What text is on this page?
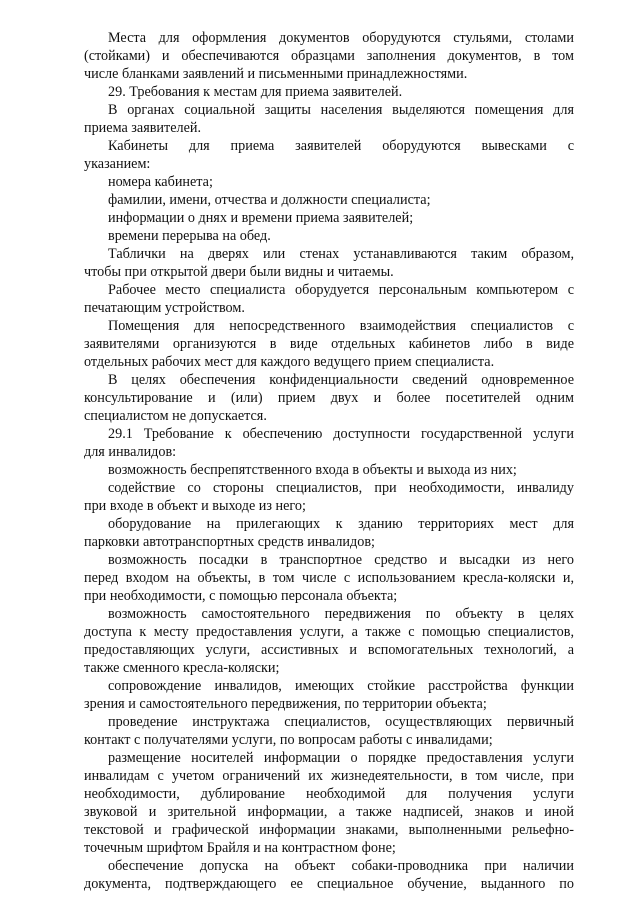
Места для оформления документов оборудуются стульями, столами

(стойками) и обеспечиваются образцами заполнения документов, в том

числе бланками заявлений и письменными принадлежностями.

29. Требования к местам для приема заявителей.

В органах социальной защиты населения выделяются помещения для

приема заявителей.

Кабинеты для приема заявителей оборудуются вывесками с

указанием:

номера кабинета;

фамилии, имени, отчества и должности специалиста;

информации о днях и времени приема заявителей;

времени перерыва на обед.

Таблички на дверях или стенах устанавливаются таким образом,

чтобы при открытой двери были видны и читаемы.

Рабочее место специалиста оборудуется персональным компьютером с

печатающим устройством.

Помещения для непосредственного взаимодействия специалистов с

заявителями организуются в виде отдельных кабинетов либо в виде

отдельных рабочих мест для каждого ведущего прием специалиста.

В целях обеспечения конфиденциальности сведений одновременное

консультирование и (или) прием двух и более посетителей одним

специалистом не допускается.

29.1 Требование к обеспечению доступности государственной услуги

для инвалидов:

возможность беспрепятственного входа в объекты и выхода из них;

содействие со стороны специалистов, при необходимости, инвалиду

при входе в объект и выходе из него;

оборудование на прилегающих к зданию территориях мест для

парковки автотранспортных средств инвалидов;

возможность посадки в транспортное средство и высадки из него

перед входом на объекты, в том числе с использованием кресла-коляски и,

при необходимости, с помощью персонала объекта;

возможность самостоятельного передвижения по объекту в целях

доступа к месту предоставления услуги, а также с помощью специалистов,

предоставляющих услуги, ассистивных и вспомогательных технологий, а

также сменного кресла-коляски;

сопровождение инвалидов, имеющих стойкие расстройства функции

зрения и самостоятельного передвижения, по территории объекта;

проведение инструктажа специалистов, осуществляющих первичный

контакт с получателями услуги, по вопросам работы с инвалидами;

размещение носителей информации о порядке предоставления услуги

инвалидам с учетом ограничений их жизнедеятельности, в том числе, при

необходимости, дублирование необходимой для получения услуги

звуковой и зрительной информации, а также надписей, знаков и иной

текстовой и графической информации знаками, выполненными рельефно-

точечным шрифтом Брайля и на контрастном фоне;

обеспечение допуска на объект собаки-проводника при наличии

документа, подтверждающего ее специальное обучение, выданного по
